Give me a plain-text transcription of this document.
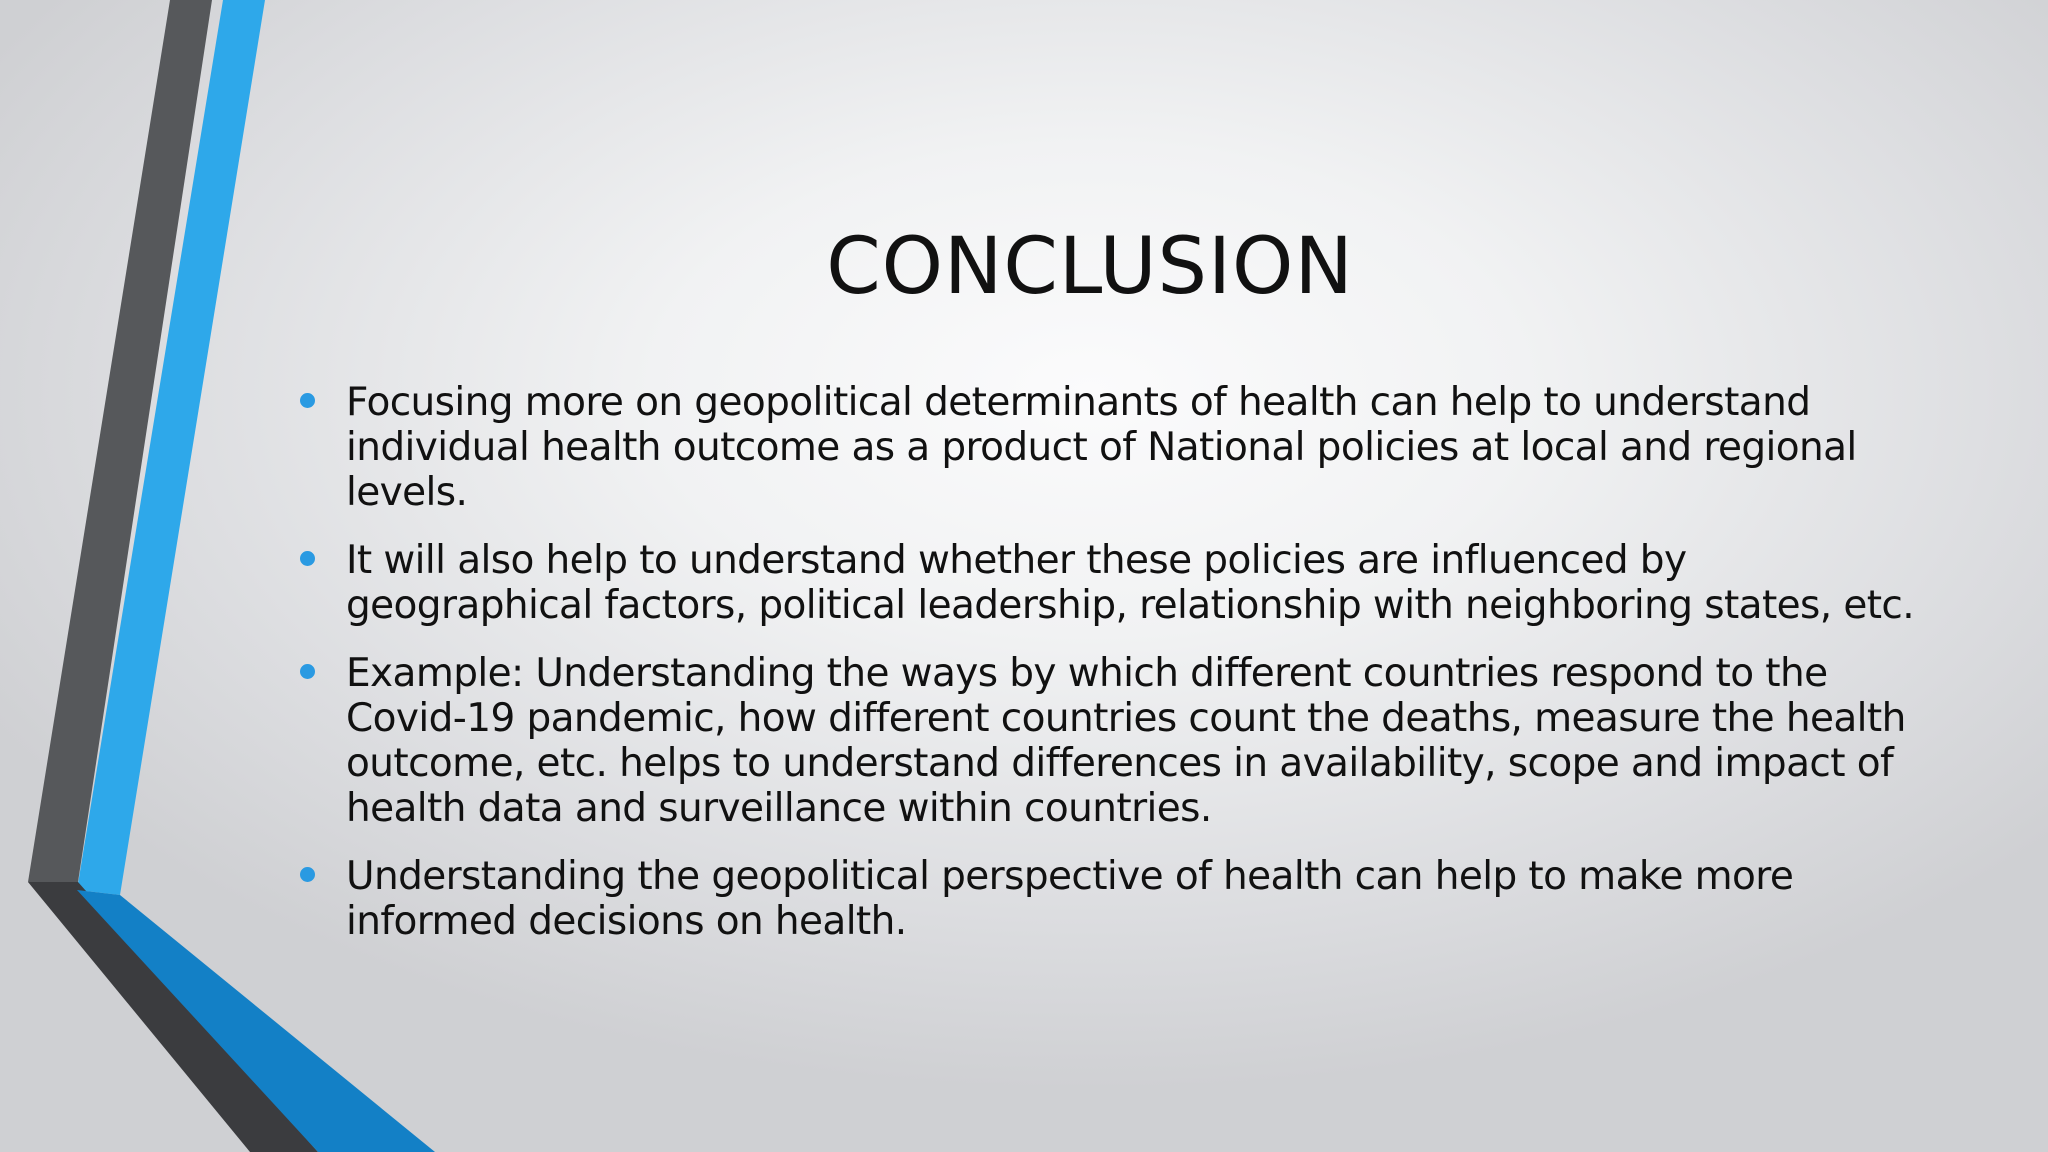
CONCLUSION
Focusing more on geopolitical determinants of health can help to understand
individual health outcome as a product of National policies at local and regional
levels.
It will also help to understand whether these policies are influenced by
geographical factors, political leadership, relationship with neighboring states, etc.
Example: Understanding the ways by which different countries respond to the
Covid-19 pandemic, how different countries count the deaths, measure the health
outcome, etc. helps to understand differences in availability, scope and impact of
health data and surveillance within countries.
Understanding the geopolitical perspective of health can help to make more
informed decisions on health.
